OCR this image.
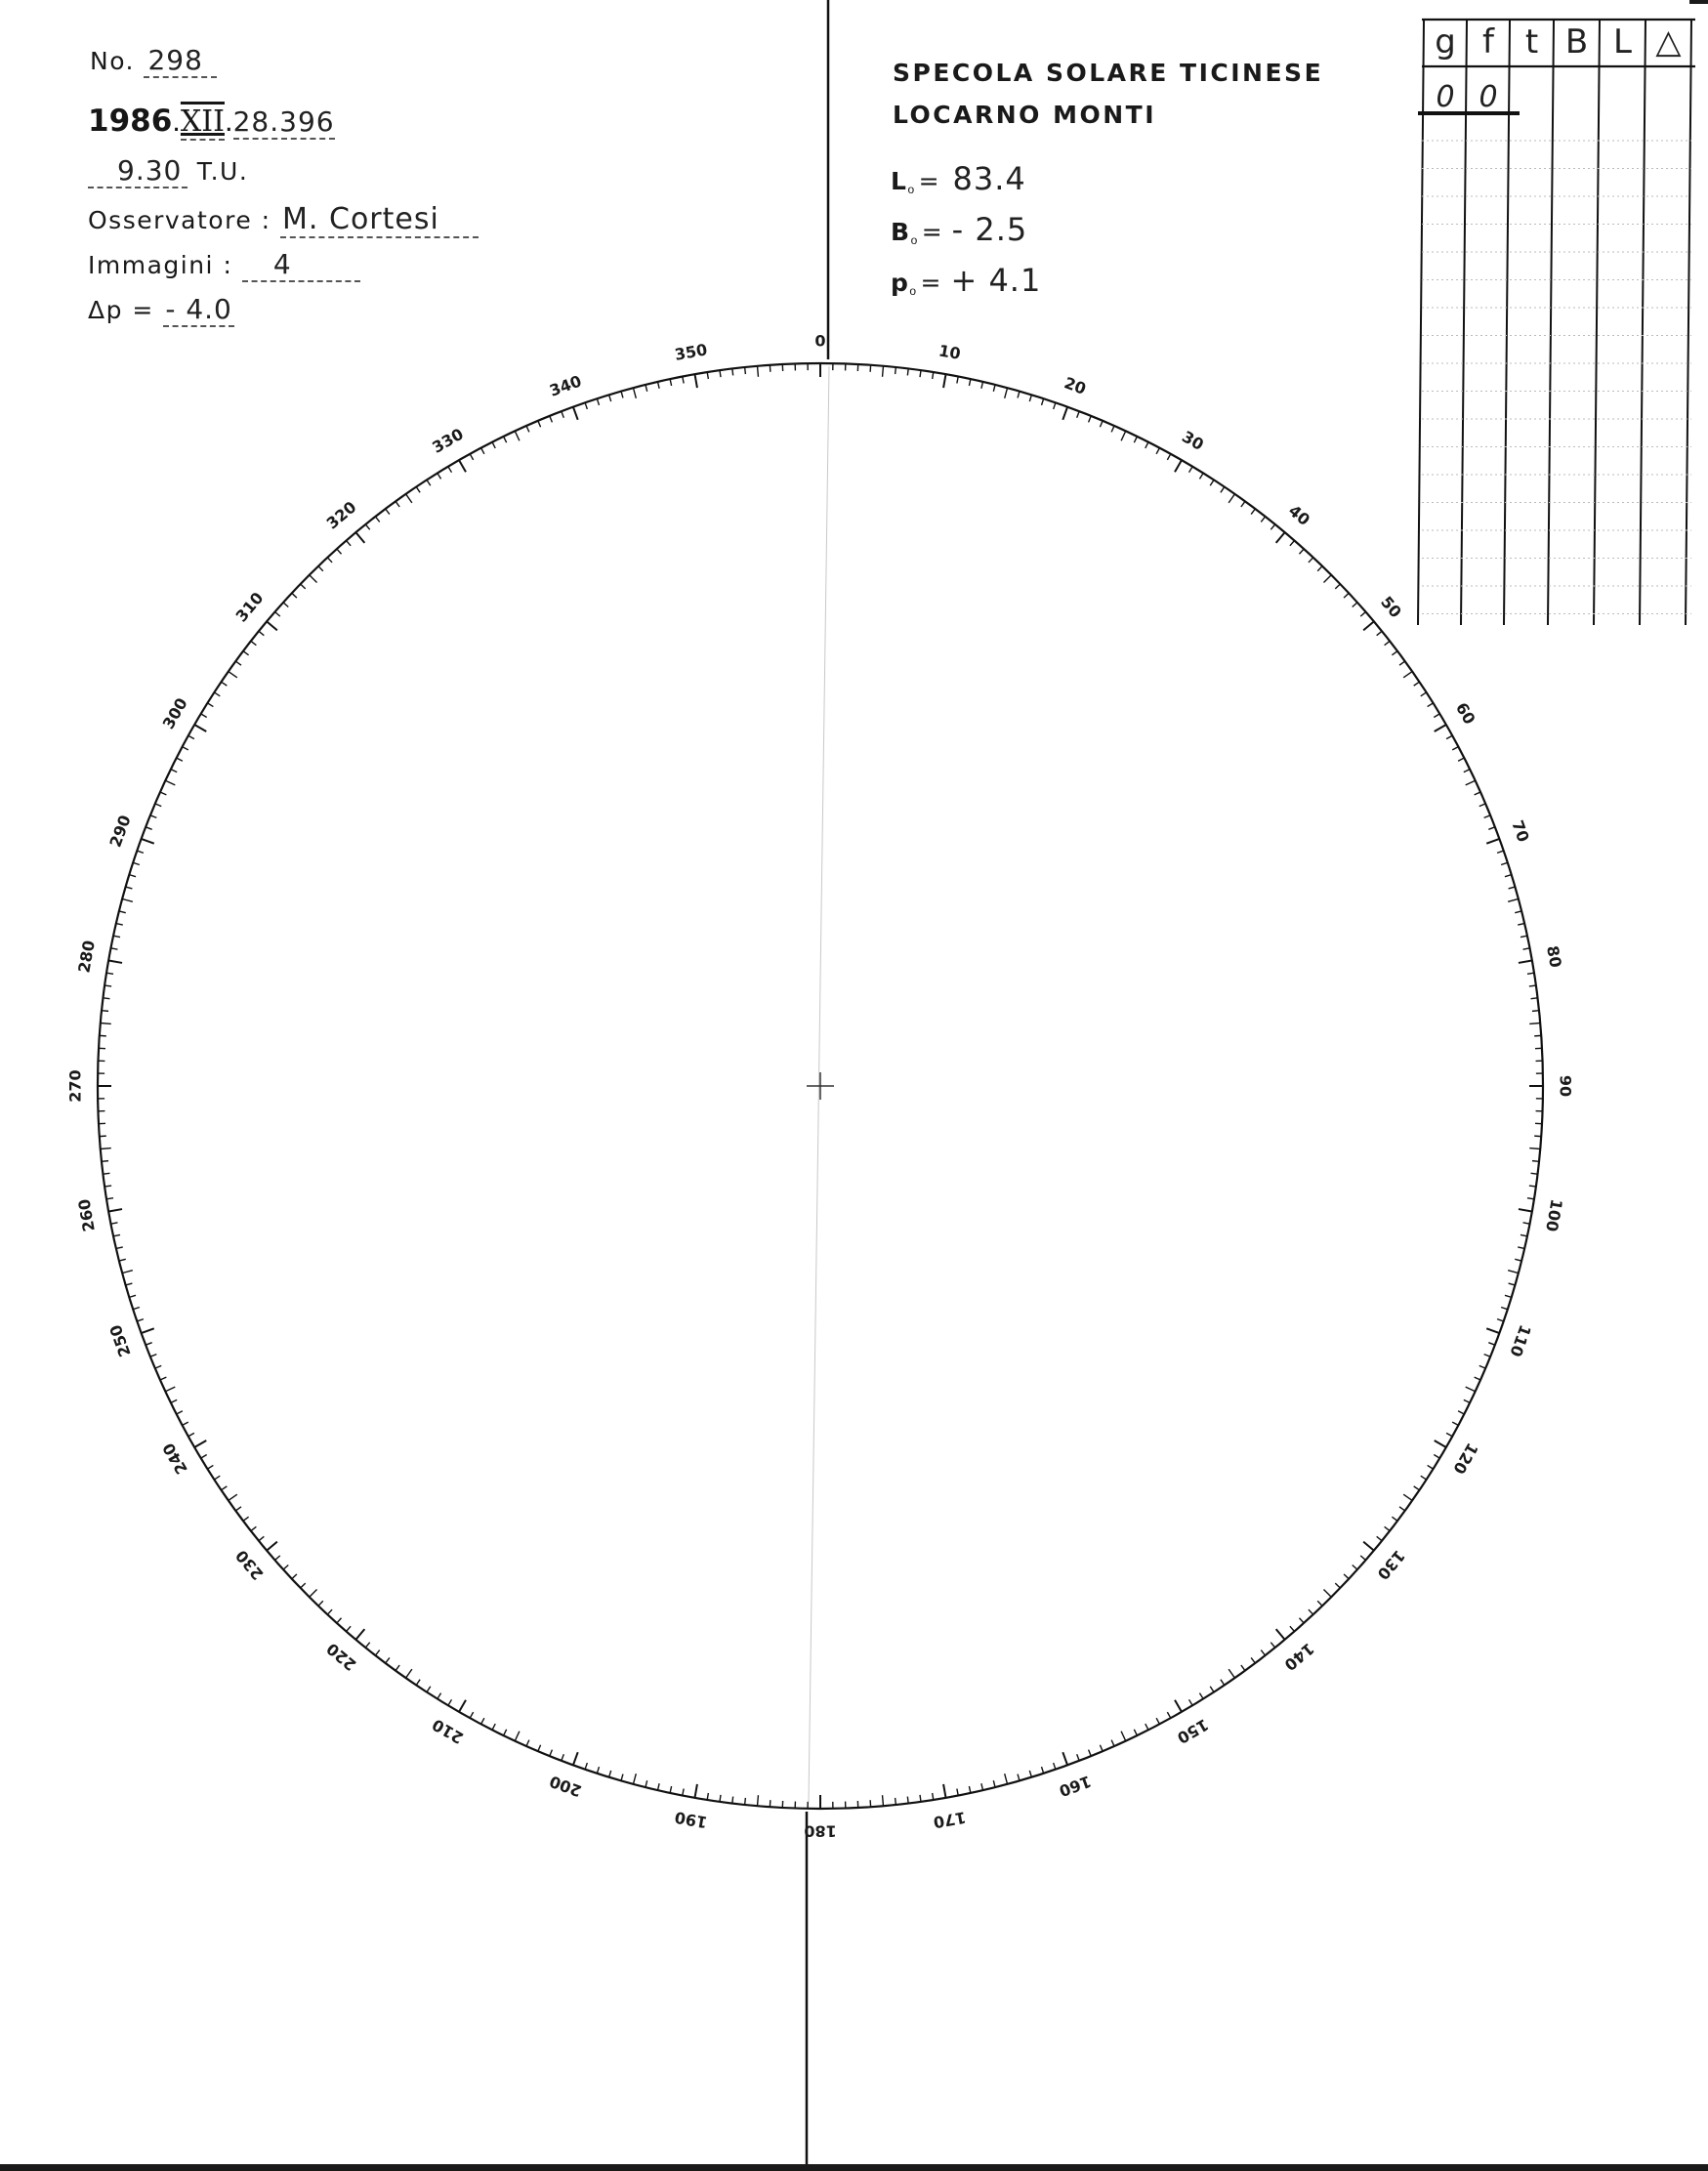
No. 298
1986.XII.28.396
9.30 T.U.
Osservatore : M. Cortesi
Immagini : 4
Δp = - 4.0
SPECOLA SOLARE TICINESE
LOCARNO MONTI
$L_o = 83.4$
$B_o$ = - 2.5
$p_o$ = + 4.1
g f t B L △
0 0
0
10
20
30
40
50
60
70
80
90
100
110
120
130
140
150
160
170
180
190
200
210
220
230
240
250
260
270
280
290
300
310
320
330
340
350
